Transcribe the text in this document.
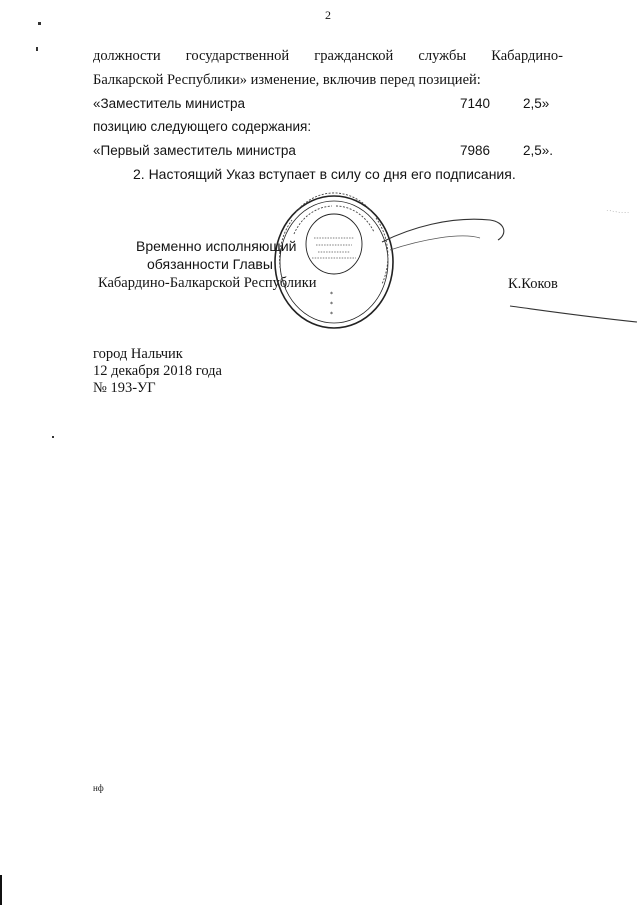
2
должности государственной гражданской службы Кабардино-
Балкарской Республики» изменение, включив перед позицией:
«Заместитель министра	7140 2,5»
позицию следующего содержания:
«Первый заместитель министра	7986 2,5».
2. Настоящий Указ вступает в силу со дня его подписания.
Временно исполняющий
обязанности Главы
Кабардино-Балкарской Республики	К.Коков
*
*
*
город Нальчик
12 декабря 2018 года
№ 193-УГ
нф
